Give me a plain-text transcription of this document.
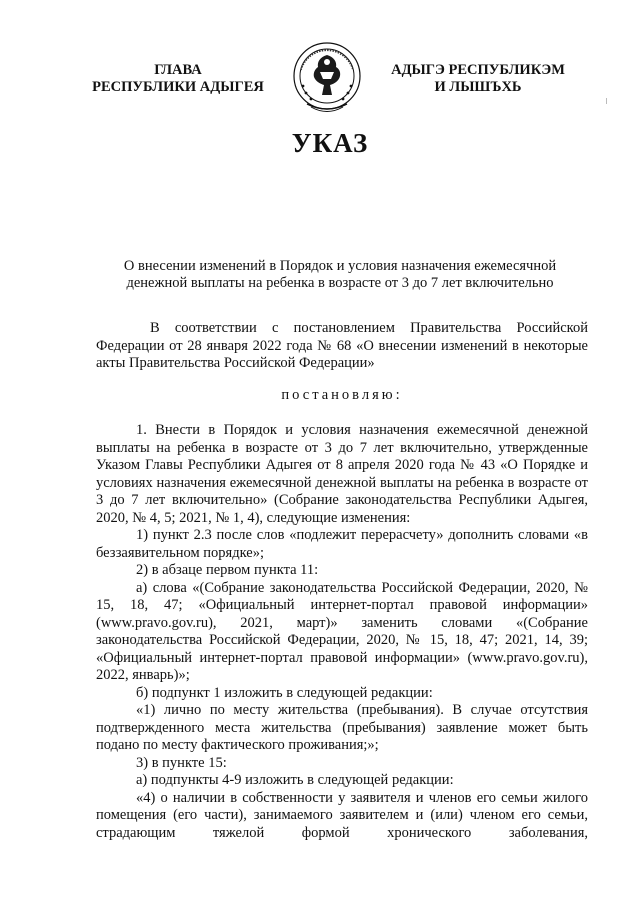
ГЛАВА
РЕСПУБЛИКИ АДЫГЕЯ
АДЫГЭ РЕСПУБЛИКЭМ
И ЛЫШЪХЬ
УКАЗ
О внесении изменений в Порядок и условия назначения ежемесячной денежной выплаты на ребенка в возрасте от 3 до 7 лет включительно

В соответствии с постановлением Правительства Российской Федерации от 28 января 2022 года № 68 «О внесении изменений в некоторые акты Правительства Российской Федерации»

постановляю:

1. Внести в Порядок и условия назначения ежемесячной денежной выплаты на ребенка в возрасте от 3 до 7 лет включительно, утвержденные Указом Главы Республики Адыгея от 8 апреля 2020 года № 43 «О Порядке и условиях назначения ежемесячной денежной выплаты на ребенка в возрасте от 3 до 7 лет включительно» (Собрание законодательства Республики Адыгея, 2020, № 4, 5; 2021, № 1, 4), следующие изменения:

1) пункт 2.3 после слов «подлежит перерасчету» дополнить словами «в беззаявительном порядке»;

2) в абзаце первом пункта 11:

а) слова «(Собрание законодательства Российской Федерации, 2020, № 15, 18, 47; «Официальный интернет-портал правовой информации» (www.pravo.gov.ru), 2021, март)» заменить словами «(Собрание законодательства Российской Федерации, 2020, № 15, 18, 47; 2021, 14, 39; «Официальный интернет-портал правовой информации» (www.pravo.gov.ru), 2022, январь)»;

б) подпункт 1 изложить в следующей редакции:

«1) лично по месту жительства (пребывания). В случае отсутствия подтвержденного места жительства (пребывания) заявление может быть подано по месту фактического проживания;»;

3) в пункте 15:

а) подпункты 4-9 изложить в следующей редакции:

«4) о наличии в собственности у заявителя и членов его семьи жилого помещения (его части), занимаемого заявителем и (или) членом его семьи, страдающим тяжелой формой хронического заболевания,
